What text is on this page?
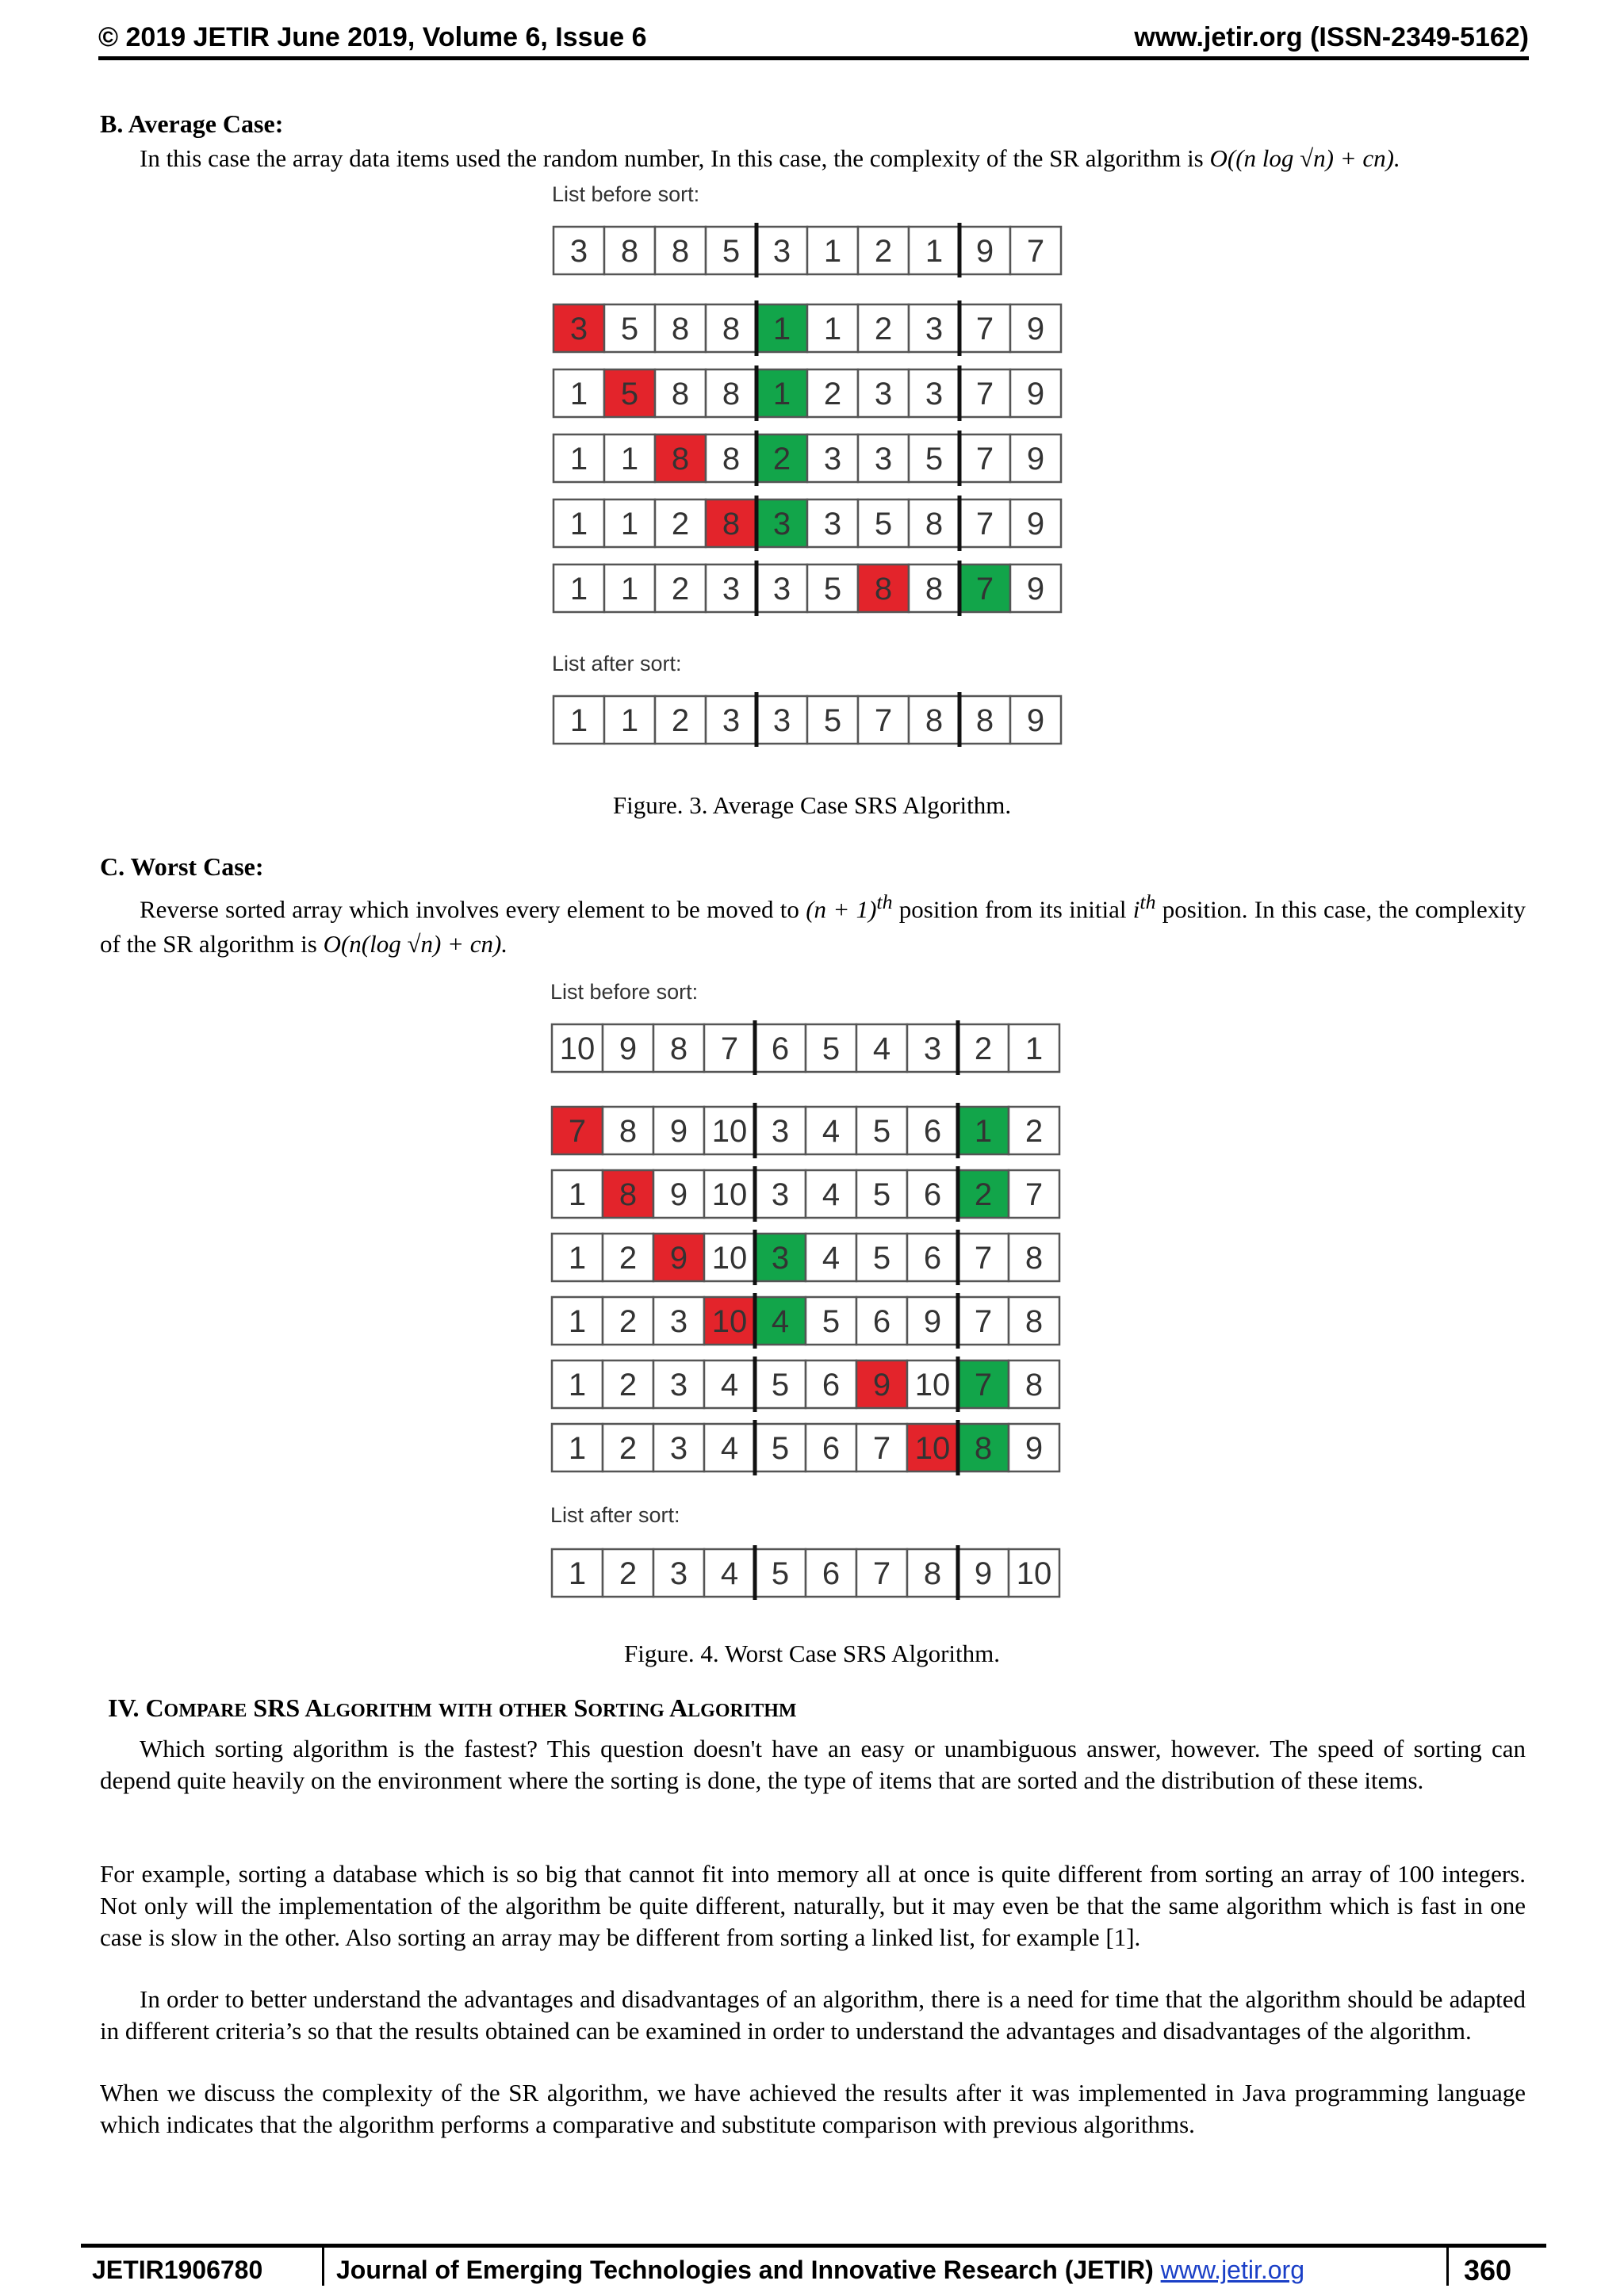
© 2019 JETIR June 2019, Volume 6, Issue 6	www.jetir.org (ISSN-2349-5162)
B. Average Case:
In this case the array data items used the random number, In this case, the complexity of the SR algorithm is O((n log √n) + cn).
List before sort:
3 8 8 5 3 1 2 1 9 7
3 5 8 8 1 1 2 3 7 9
1 5 8 8 1 2 3 3 7 9
1 1 8 8 2 3 3 5 7 9
1 1 2 8 3 3 5 8 7 9
1 1 2 3 3 5 8 8 7 9
List after sort:
1 1 2 3 3 5 7 8 8 9
Figure. 3. Average Case SRS Algorithm.
C. Worst Case:
Reverse sorted array which involves every element to be moved to $(n + 1)^{th}$ position from its initial $i^{th}$ position. In this case, the complexity of the SR algorithm is O(n(log √n) + cn).
List before sort:
10 9 8 7 6 5 4 3 2 1
7 8 9 10 3 4 5 6 1 2
1 8 9 10 3 4 5 6 2 7
1 2 9 10 3 4 5 6 7 8
1 2 3 10 4 5 6 9 7 8
1 2 3 4 5 6 9 10 7 8
1 2 3 4 5 6 7 10 8 9
List after sort:
1 2 3 4 5 6 7 8 9 10
Figure. 4. Worst Case SRS Algorithm.
IV. COMPARE SRS ALGORITHM WITH OTHER SORTING ALGORITHM
Which sorting algorithm is the fastest? This question doesn't have an easy or unambiguous answer, however. The speed of sorting can depend quite heavily on the environment where the sorting is done, the type of items that are sorted and the distribution of these items.
For example, sorting a database which is so big that cannot fit into memory all at once is quite different from sorting an array of 100 integers. Not only will the implementation of the algorithm be quite different, naturally, but it may even be that the same algorithm which is fast in one case is slow in the other. Also sorting an array may be different from sorting a linked list, for example [1].
In order to better understand the advantages and disadvantages of an algorithm, there is a need for time that the algorithm should be adapted in different criteria’s so that the results obtained can be examined in order to understand the advantages and disadvantages of the algorithm.
When we discuss the complexity of the SR algorithm, we have achieved the results after it was implemented in Java programming language which indicates that the algorithm performs a comparative and substitute comparison with previous algorithms.
JETIR1906780	Journal of Emerging Technologies and Innovative Research (JETIR) www.jetir.org	360
